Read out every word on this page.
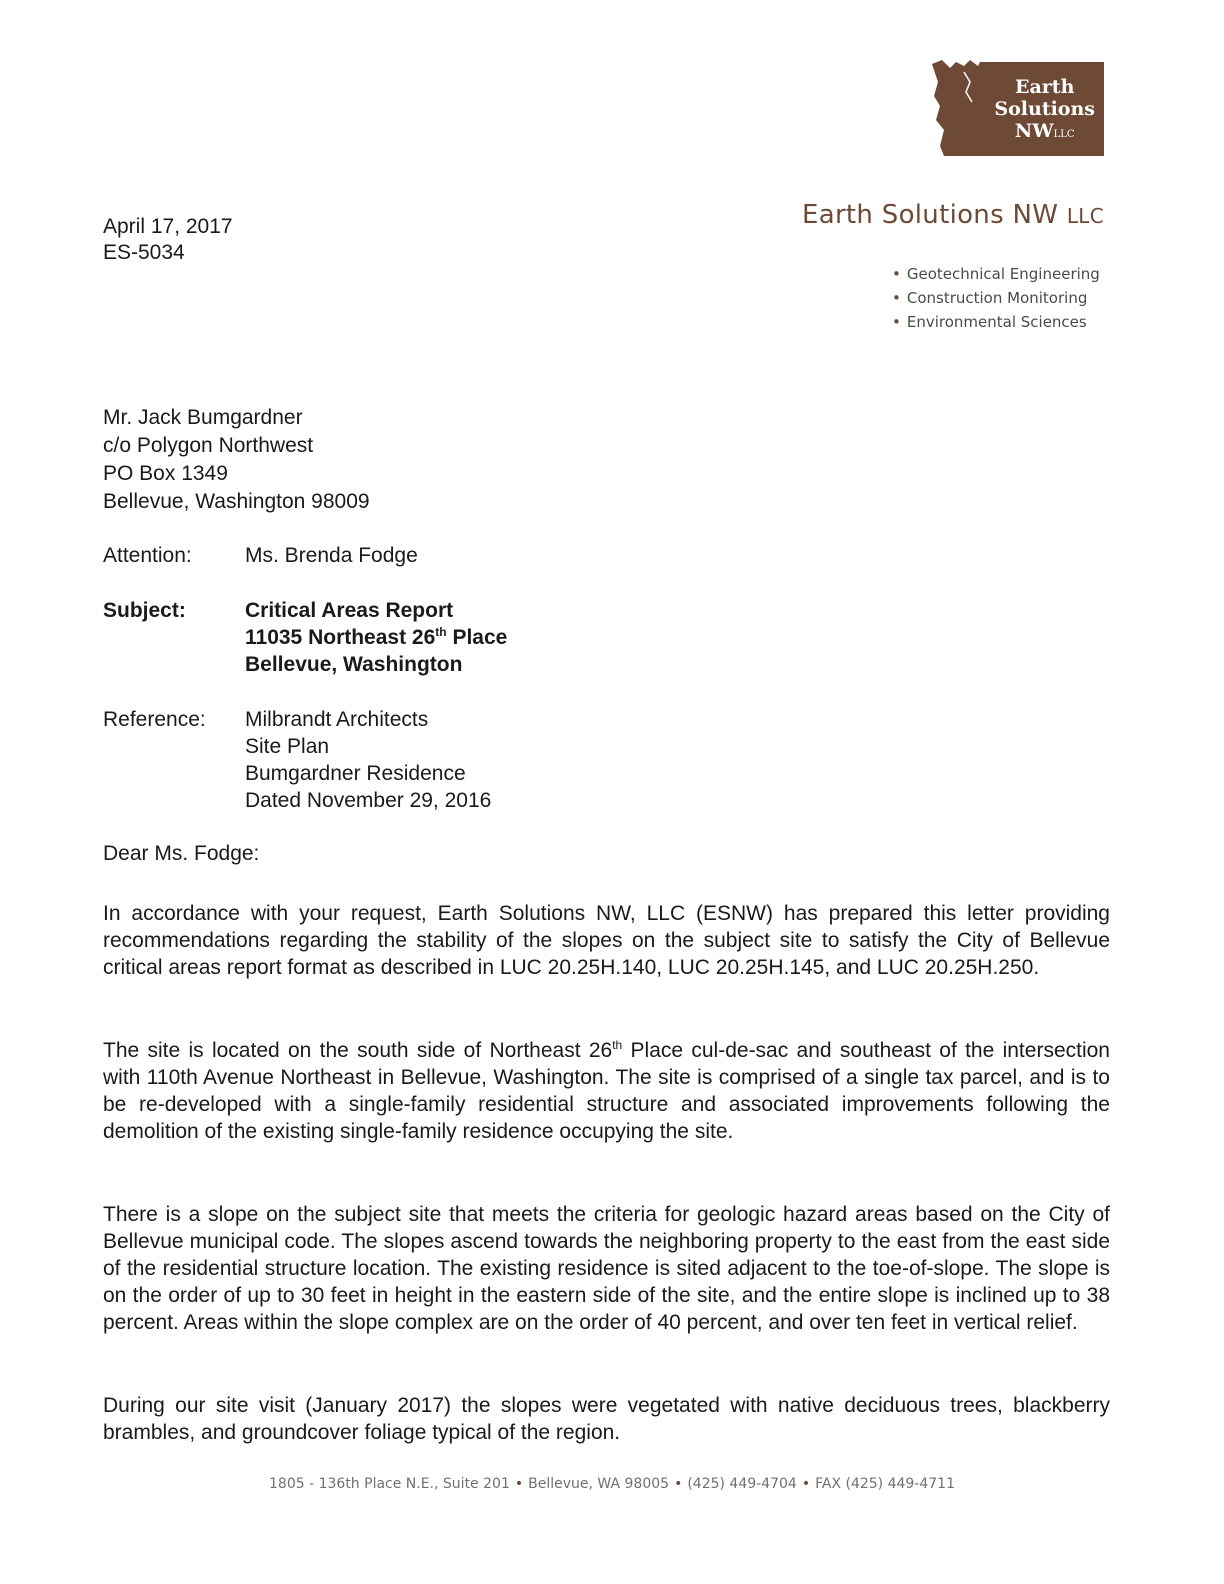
Earth
Solutions
NWLLC
Earth Solutions NW LLC
• Geotechnical Engineering
• Construction Monitoring
• Environmental Sciences
April 17, 2017
ES-5034
Mr. Jack Bumgardner
c/o Polygon Northwest
PO Box 1349
Bellevue, Washington 98009
Attention:	Ms. Brenda Fodge
Subject:	Critical Areas Report
11035 Northeast 26th Place
Bellevue, Washington
Reference:	Milbrandt Architects
Site Plan
Bumgardner Residence
Dated November 29, 2016
Dear Ms. Fodge:
In accordance with your request, Earth Solutions NW, LLC (ESNW) has prepared this letter providing recommendations regarding the stability of the slopes on the subject site to satisfy the City of Bellevue critical areas report format as described in LUC 20.25H.140, LUC 20.25H.145, and LUC 20.25H.250.
The site is located on the south side of Northeast 26th Place cul-de-sac and southeast of the intersection with 110th Avenue Northeast in Bellevue, Washington. The site is comprised of a single tax parcel, and is to be re-developed with a single-family residential structure and associated improvements following the demolition of the existing single-family residence occupying the site.
There is a slope on the subject site that meets the criteria for geologic hazard areas based on the City of Bellevue municipal code. The slopes ascend towards the neighboring property to the east from the east side of the residential structure location. The existing residence is sited adjacent to the toe-of-slope. The slope is on the order of up to 30 feet in height in the eastern side of the site, and the entire slope is inclined up to 38 percent. Areas within the slope complex are on the order of 40 percent, and over ten feet in vertical relief.
During our site visit (January 2017) the slopes were vegetated with native deciduous trees, blackberry brambles, and groundcover foliage typical of the region.
1805 - 136th Place N.E., Suite 201 • Bellevue, WA 98005 • (425) 449-4704 • FAX (425) 449-4711
